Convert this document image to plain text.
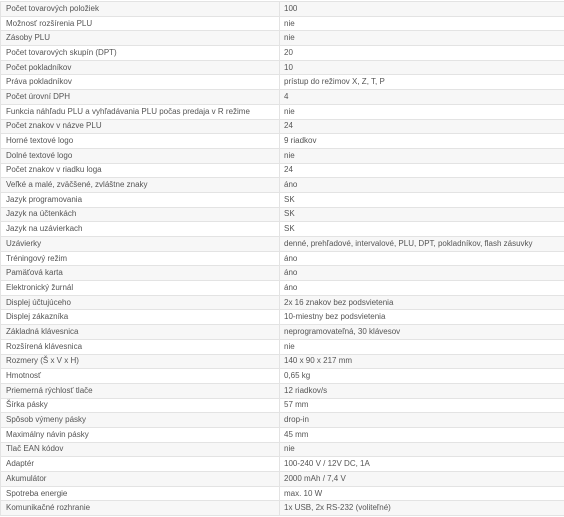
Počet tovarových položiek	100
Možnosť rozšírenia PLU	nie
Zásoby PLU	nie
Počet tovarových skupín (DPT)	20
Počet pokladníkov	10
Práva pokladníkov	prístup do režimov X, Z, T, P
Počet úrovní DPH	4
Funkcia náhľadu PLU a vyhľadávania PLU počas predaja v R režime	nie
Počet znakov v názve PLU	24
Horné textové logo	9 riadkov
Dolné textové logo	nie
Počet znakov v riadku loga	24
Veľké a malé, zväčšené, zvláštne znaky	áno
Jazyk programovania	SK
Jazyk na účtenkách	SK
Jazyk na uzávierkach	SK
Uzávierky	denné, prehľadové, intervalové, PLU, DPT, pokladníkov, flash zásuvky
Tréningový režim	áno
Pamäťová karta	áno
Elektronický žurnál	áno
Displej účtujúceho	2x 16 znakov bez podsvietenia
Displej zákazníka	10-miestny bez podsvietenia
Základná klávesnica	neprogramovateľná, 30 klávesov
Rozšírená klávesnica	nie
Rozmery (Š x V x H)	140 x 90 x 217 mm
Hmotnosť	0,65 kg
Priemerná rýchlosť tlače	12 riadkov/s
Šírka pásky	57 mm
Spôsob výmeny pásky	drop-in
Maximálny návin pásky	45 mm
Tlač EAN kódov	nie
Adaptér	100-240 V / 12V DC, 1A
Akumulátor	2000 mAh / 7,4 V
Spotreba energie	max. 10 W
Komunikačné rozhranie	1x USB, 2x RS-232 (voliteľné)
